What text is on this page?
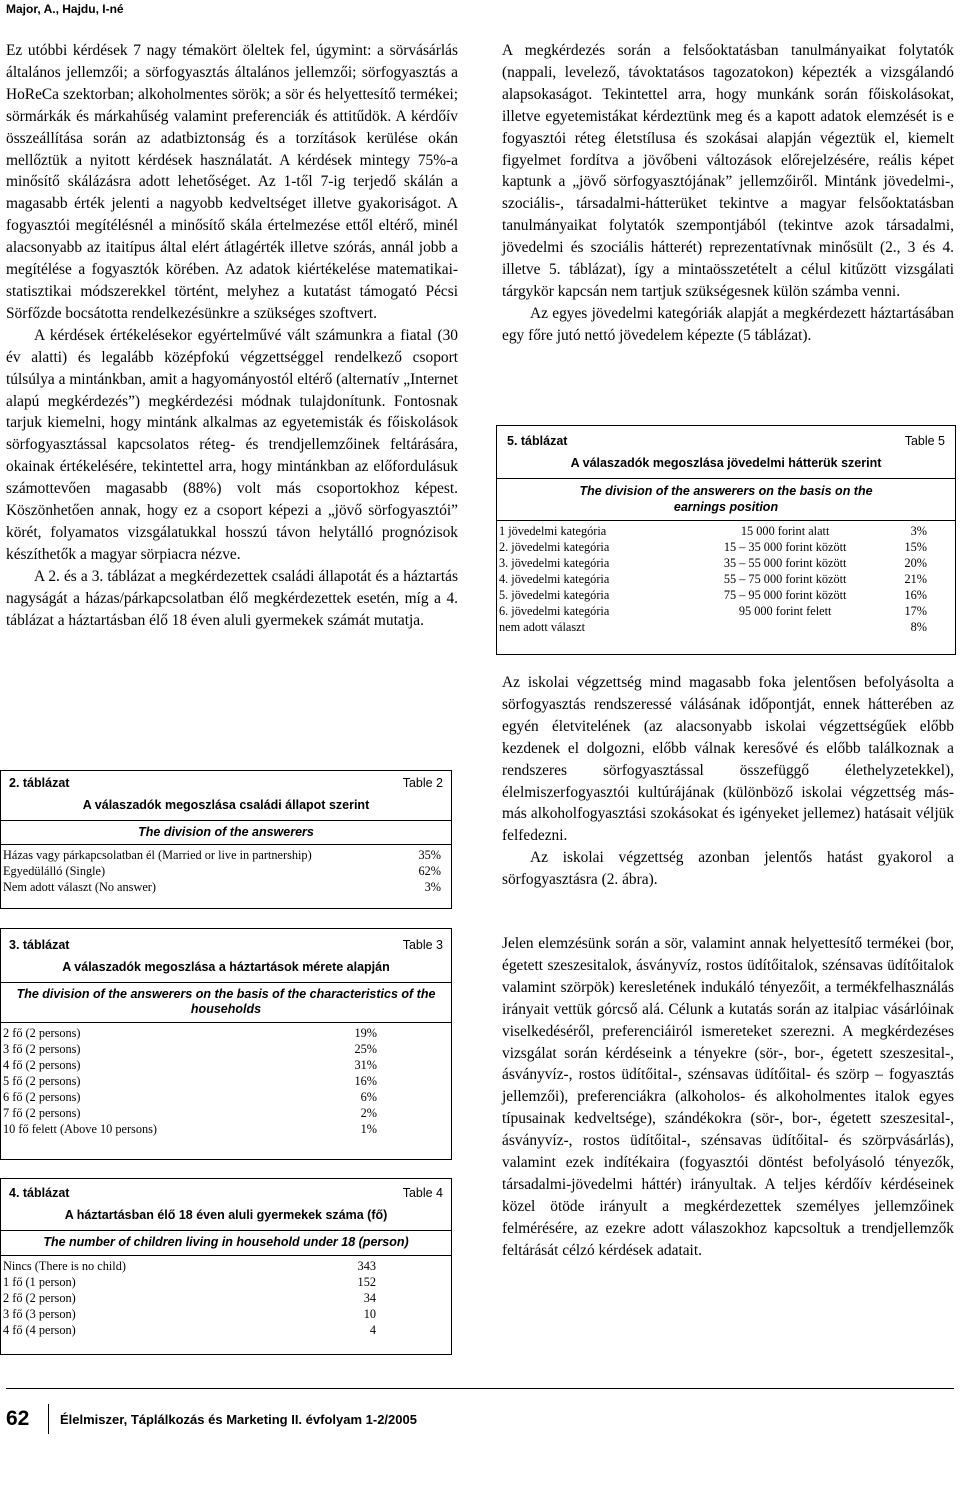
Major, A., Hajdu, I-né

Ez utóbbi kérdések 7 nagy témakört öleltek fel, úgymint: a sörvásárlás általános jellemzői; a sörfogyasztás általános jellemzői; sörfogyasztás a HoReCa szektorban; alkoholmentes sörök; a sör és helyettesítő termékei; sörmárkák és márkahűség valamint preferenciák és attitűdök. A kérdőív összeállítása során az adatbiztonság és a torzítások kerülése okán mellőztük a nyitott kérdések használatát. A kérdések mintegy 75%-a minősítő skálázásra adott lehetőséget. Az 1-től 7-ig terjedő skálán a magasabb érték jelenti a nagyobb kedveltséget illetve gyakoriságot. A fogyasztói megítélésnél a minősítő skála értelmezése ettől eltérő, minél alacsonyabb az itaitípus által elért átlagérték illetve szórás, annál jobb a megítélése a fogyasztók körében. Az adatok kiértékelése matematikai-statisztikai módszerekkel történt, melyhez a kutatást támogató Pécsi Sörfőzde bocsátotta rendelkezésünkre a szükséges szoftvert.

A kérdések értékelésekor egyértelművé vált számunkra a fiatal (30 év alatti) és legalább középfokú végzettséggel rendelkező csoport túlsúlya a mintánkban, amit a hagyományostól eltérő (alternatív „Internet alapú megkérdezés”) megkérdezési módnak tulajdonítunk. Fontosnak tarjuk kiemelni, hogy mintánk alkalmas az egyetemisták és főiskolások sörfogyasztással kapcsolatos réteg- és trendjellemzőinek feltárására, okainak értékelésére, tekintettel arra, hogy mintánkban az előfordulásuk számottevően magasabb (88%) volt más csoportokhoz képest. Köszönhetően annak, hogy ez a csoport képezi a „jövő sörfogyasztói” körét, folyamatos vizsgálatukkal hosszú távon helytálló prognózisok készíthetők a magyar sörpiacra nézve.

A 2. és a 3. táblázat a megkérdezettek családi állapotát és a háztartás nagyságát a házas/párkapcsolatban élő megkérdezettek esetén, míg a 4. táblázat a háztartásban élő 18 éven aluli gyermekek számát mutatja.

A megkérdezés során a felsőoktatásban tanulmányaikat folytatók (nappali, levelező, távoktatásos tagozatokon) képezték a vizsgálandó alapsokaságot. Tekintettel arra, hogy munkánk során főiskolásokat, illetve egyetemistákat kérdeztünk meg és a kapott adatok elemzését is e fogyasztói réteg életstílusa és szokásai alapján végeztük el, kiemelt figyelmet fordítva a jövőbeni változások előrejelzésére, reális képet kaptunk a „jövő sörfogyasztójának” jellemzőiről. Mintánk jövedelmi-, szociális-, társadalmi-hátterüket tekintve a magyar felsőoktatásban tanulmányaikat folytatók szempontjából (tekintve azok társadalmi, jövedelmi és szociális hátterét) reprezentatívnak minősült (2., 3 és 4. illetve 5. táblázat), így a mintaösszetételt a célul kitűzött vizsgálati tárgykör kapcsán nem tartjuk szükségesnek külön számba venni.

Az egyes jövedelmi kategóriák alapját a megkérdezett háztartásában egy főre jutó nettó jövedelem képezte (5 táblázat).

Az iskolai végzettség mind magasabb foka jelentősen befolyásolta a sörfogyasztás rendszeressé válásának időpontját, ennek hátterében az egyén életvitelének (az alacsonyabb iskolai végzettségűek előbb kezdenek el dolgozni, előbb válnak keresővé és előbb találkoznak a rendszeres sörfogyasztással összefüggő élethelyzetekkel), élelmiszerfogyasztói kultúrájának (különböző iskolai végzettség más-más alkoholfogyasztási szokásokat és igényeket jellemez) hatásait véljük felfedezni.

Az iskolai végzettség azonban jelentős hatást gyakorol a sörfogyasztásra (2. ábra).

Jelen elemzésünk során a sör, valamint annak helyettesítő termékei (bor, égetett szeszesitalok, ásványvíz, rostos üdítőitalok, szénsavas üdítőitalok valamint szörpök) keresletének indukáló tényezőit, a termékfelhasználás irányait vettük górcső alá. Célunk a kutatás során az italpiac vásárlóinak viselkedéséről, preferenciáiról ismereteket szerezni. A megkérdezéses vizsgálat során kérdéseink a tényekre (sör-, bor-, égetett szeszesital-, ásványvíz-, rostos üdítőital-, szénsavas üdítőital- és szörp – fogyasztás jellemzői), preferenciákra (alkoholos- és alkoholmentes italok egyes típusainak kedveltsége), szándékokra (sör-, bor-, égetett szeszesital-, ásványvíz-, rostos üdítőital-, szénsavas üdítőital- és szörpvásárlás), valamint ezek indítékaira (fogyasztói döntést befolyásoló tényezők, társadalmi-jövedelmi háttér) irányultak. A teljes kérdőív kérdéseinek közel ötöde irányult a megkérdezettek személyes jellemzőinek felmérésére, az ezekre adott válaszokhoz kapcsoltuk a trendjellemzők feltárását célzó kérdések adatait.

2. táblázat	Table 2
A válaszadók megoszlása családi állapot szerint
The division of the answerers
Házas vagy párkapcsolatban él (Married or live in partnership)	35%
Egyedülálló (Single)	62%
Nem adott választ (No answer)	3%
3. táblázat	Table 3
A válaszadók megoszlása a háztartások mérete alapján
The division of the answerers on the basis of the characteristics of the households
2 fő (2 persons)	19%
3 fő (2 persons)	25%
4 fő (2 persons)	31%
5 fő (2 persons)	16%
6 fő (2 persons)	6%
7 fő (2 persons)	2%
10 fő felett (Above 10 persons)	1%
4. táblázat	Table 4
A háztartásban élő 18 éven aluli gyermekek száma (fő)
The number of children living in household under 18 (person)
Nincs (There is no child)	343
1 fő (1 person)	152
2 fő (2 person)	34
3 fő (3 person)	10
4 fő (4 person)	4
5. táblázat	Table 5
A válaszadók megoszlása jövedelmi hátterük szerint
The division of the answerers on the basis on the earnings position
1 jövedelmi kategória	15 000 forint alatt	3%
2. jövedelmi kategória	15 – 35 000 forint között	15%
3. jövedelmi kategória	35 – 55 000 forint között	20%
4. jövedelmi kategória	55 – 75 000 forint között	21%
5. jövedelmi kategória	75 – 95 000 forint között	16%
6. jövedelmi kategória	95 000 forint felett	17%
nem adott választ		8%
62 Élelmiszer, Táplálkozás és Marketing II. évfolyam 1-2/2005
